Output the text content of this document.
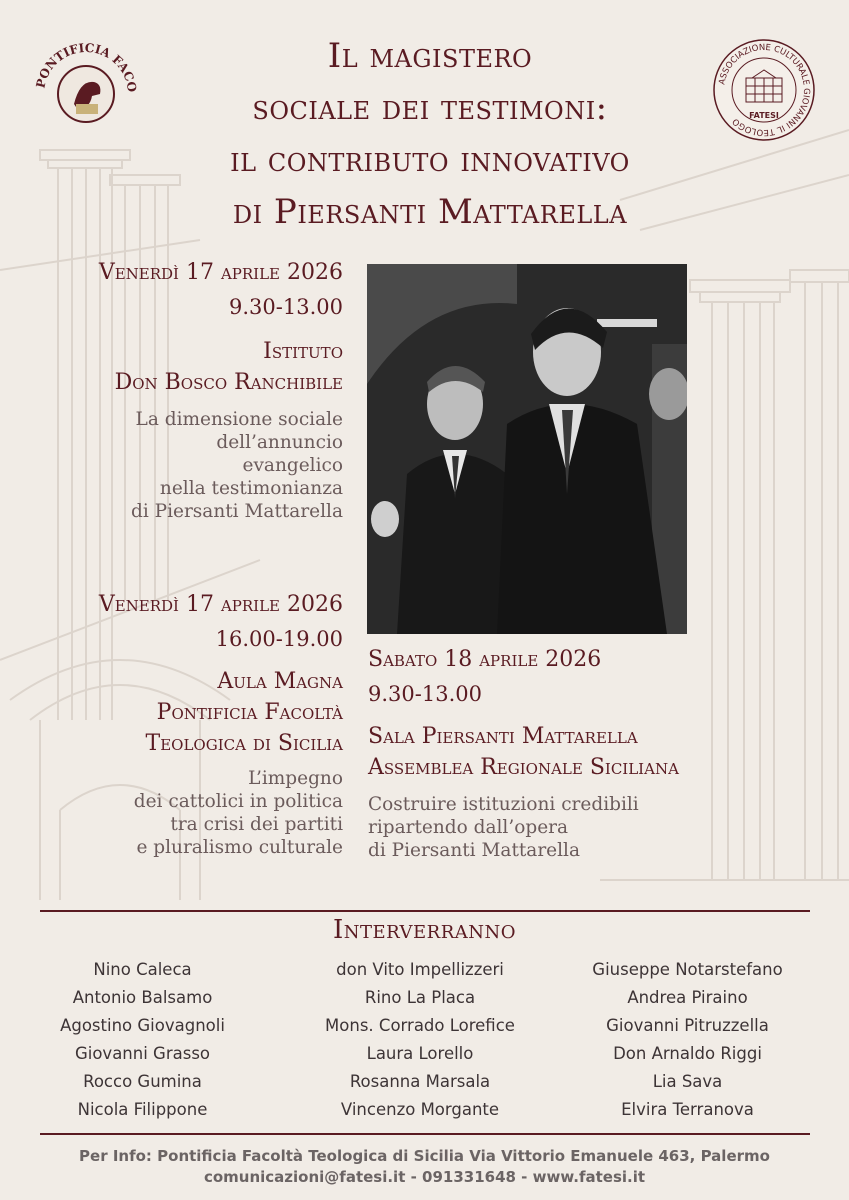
PONTIFICIA FACO	ASSOCIAZIONE CULTURALE GIOVANNI IL TEOLOGO
FATESI
Il magistero
sociale dei testimoni:
il contributo innovativo
di Piersanti Mattarella
Venerdì 17 aprile 2026
9.30-13.00
Istituto
Don Bosco Ranchibile
La dimensione sociale
dell’annuncio
evangelico
nella testimonianza
di Piersanti Mattarella
Venerdì 17 aprile 2026
16.00-19.00
Aula Magna
Pontificia Facoltà
Teologica di Sicilia
L’impegno
dei cattolici in politica
tra crisi dei partiti
e pluralismo culturale
Sabato 18 aprile 2026
9.30-13.00
Sala Piersanti Mattarella
Assemblea Regionale Siciliana
Costruire istituzioni credibili
ripartendo dall’opera
di Piersanti Mattarella
Interverranno
Nino Caleca
Antonio Balsamo
Agostino Giovagnoli
Giovanni Grasso
Rocco Gumina
Nicola Filippone
don Vito Impellizzeri
Rino La Placa
Mons. Corrado Lorefice
Laura Lorello
Rosanna Marsala
Vincenzo Morgante
Giuseppe Notarstefano
Andrea Piraino
Giovanni Pitruzzella
Don Arnaldo Riggi
Lia Sava
Elvira Terranova
Per Info: Pontificia Facoltà Teologica di Sicilia Via Vittorio Emanuele 463, Palermo
comunicazioni@fatesi.it - 091331648 - www.fatesi.it
